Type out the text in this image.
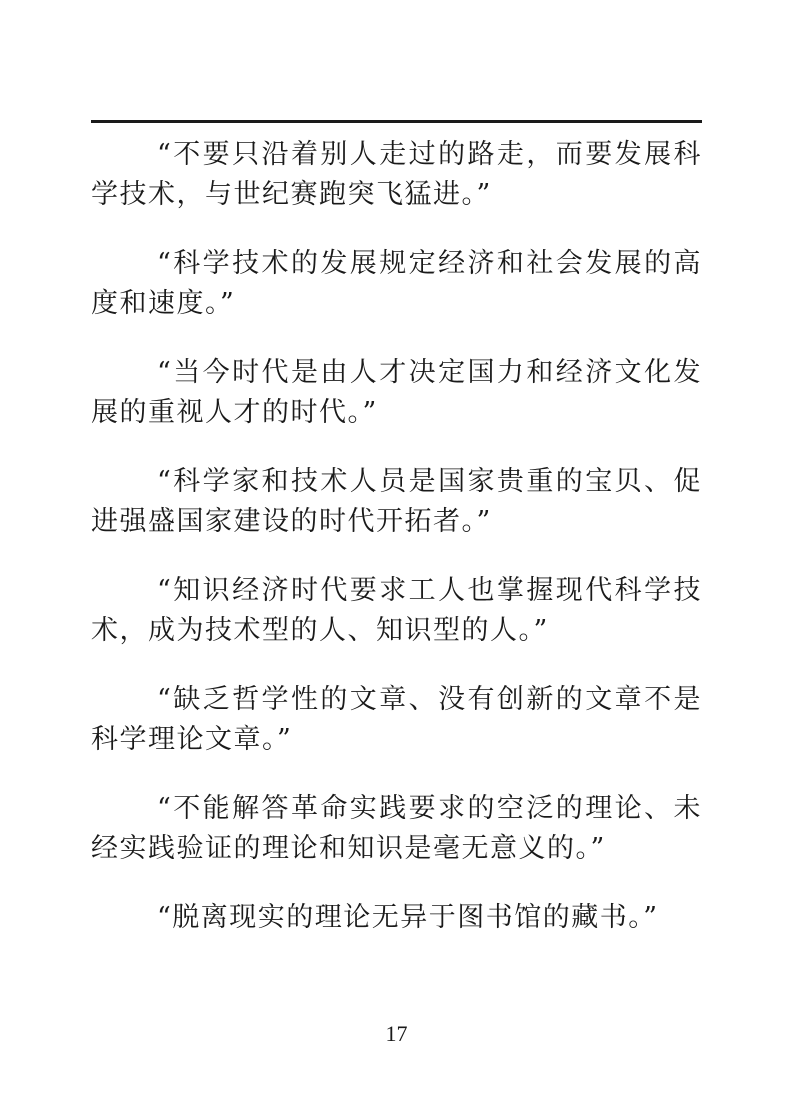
“不要只沿着别人走过的路走，而要发展科学技术，与世纪赛跑突飞猛进。”
“科学技术的发展规定经济和社会发展的高度和速度。”
“当今时代是由人才决定国力和经济文化发展的重视人才的时代。”
“科学家和技术人员是国家贵重的宝贝、促进强盛国家建设的时代开拓者。”
“知识经济时代要求工人也掌握现代科学技术，成为技术型的人、知识型的人。”
“缺乏哲学性的文章、没有创新的文章不是科学理论文章。”
“不能解答革命实践要求的空泛的理论、未经实践验证的理论和知识是毫无意义的。”
“脱离现实的理论无异于图书馆的藏书。”
17
